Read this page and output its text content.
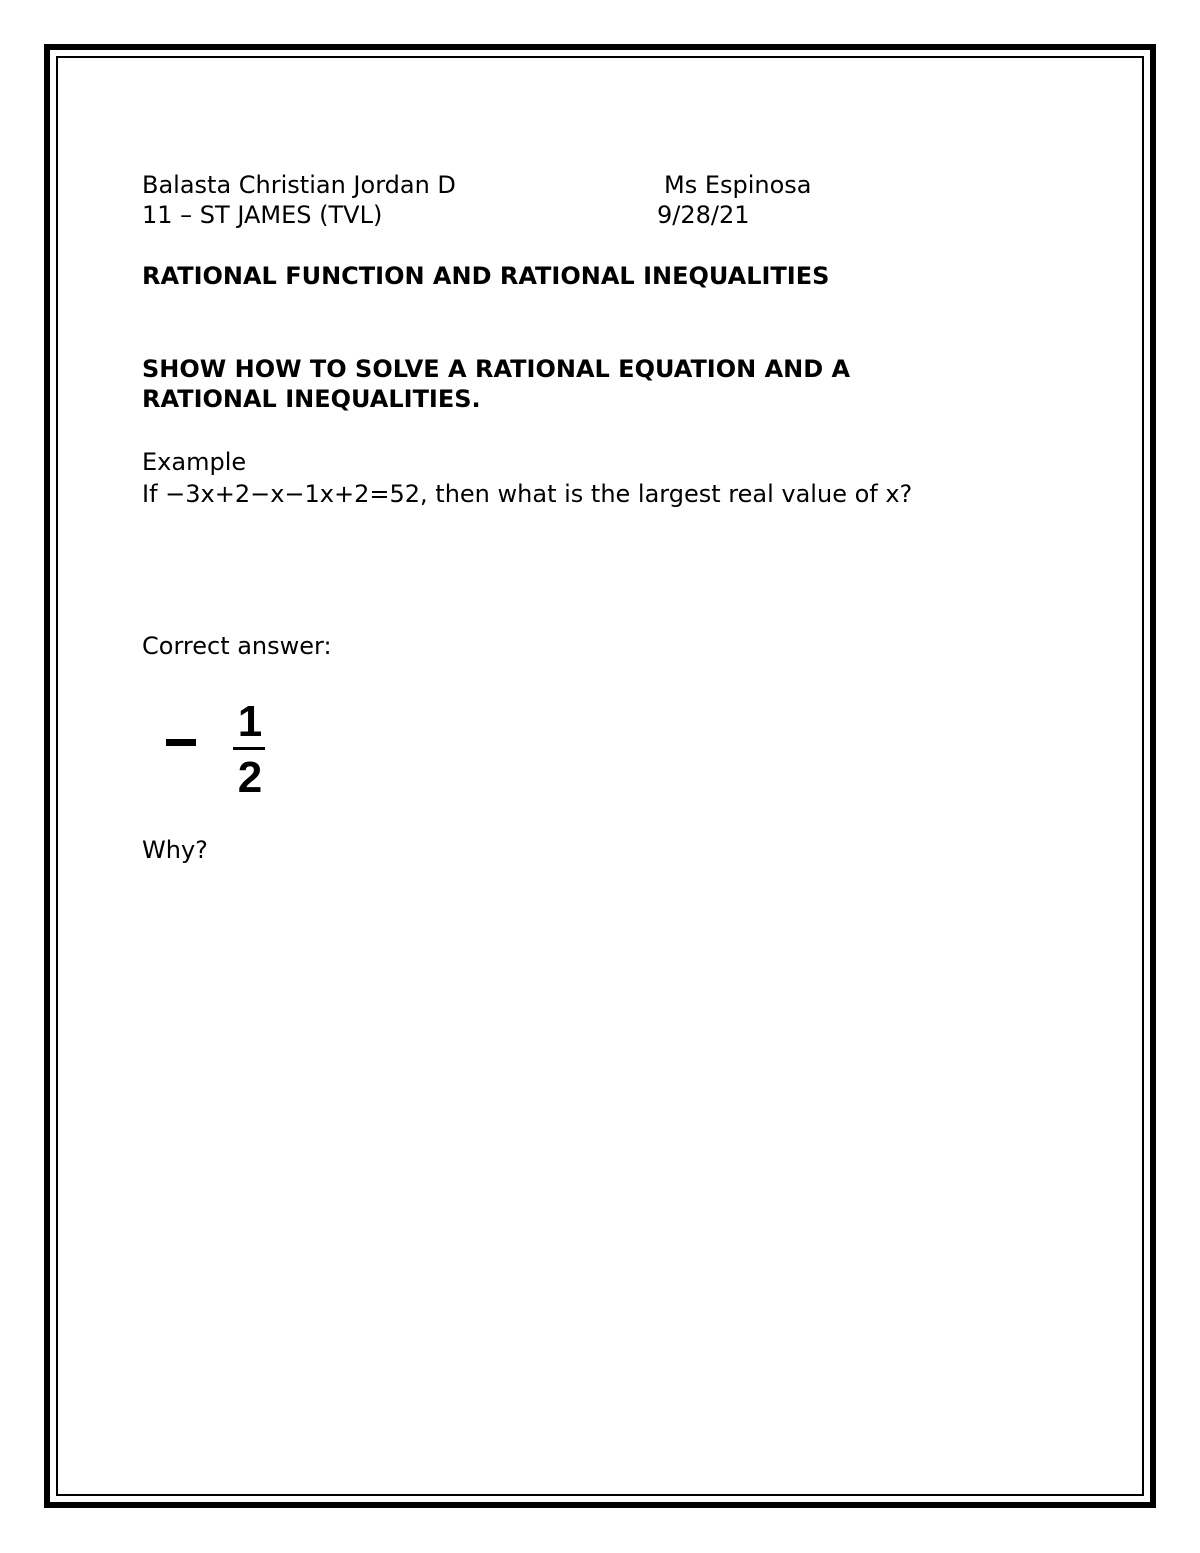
Balasta Christian Jordan D	Ms Espinosa

11 – ST JAMES (TVL)	9/28/21

RATIONAL FUNCTION AND RATIONAL INEQUALITIES

SHOW HOW TO SOLVE A RATIONAL EQUATION AND A
RATIONAL INEQUALITIES.

Example

If −3x+2−x−1x+2=52, then what is the largest real value of x?

Correct answer:

1
2

Why?
